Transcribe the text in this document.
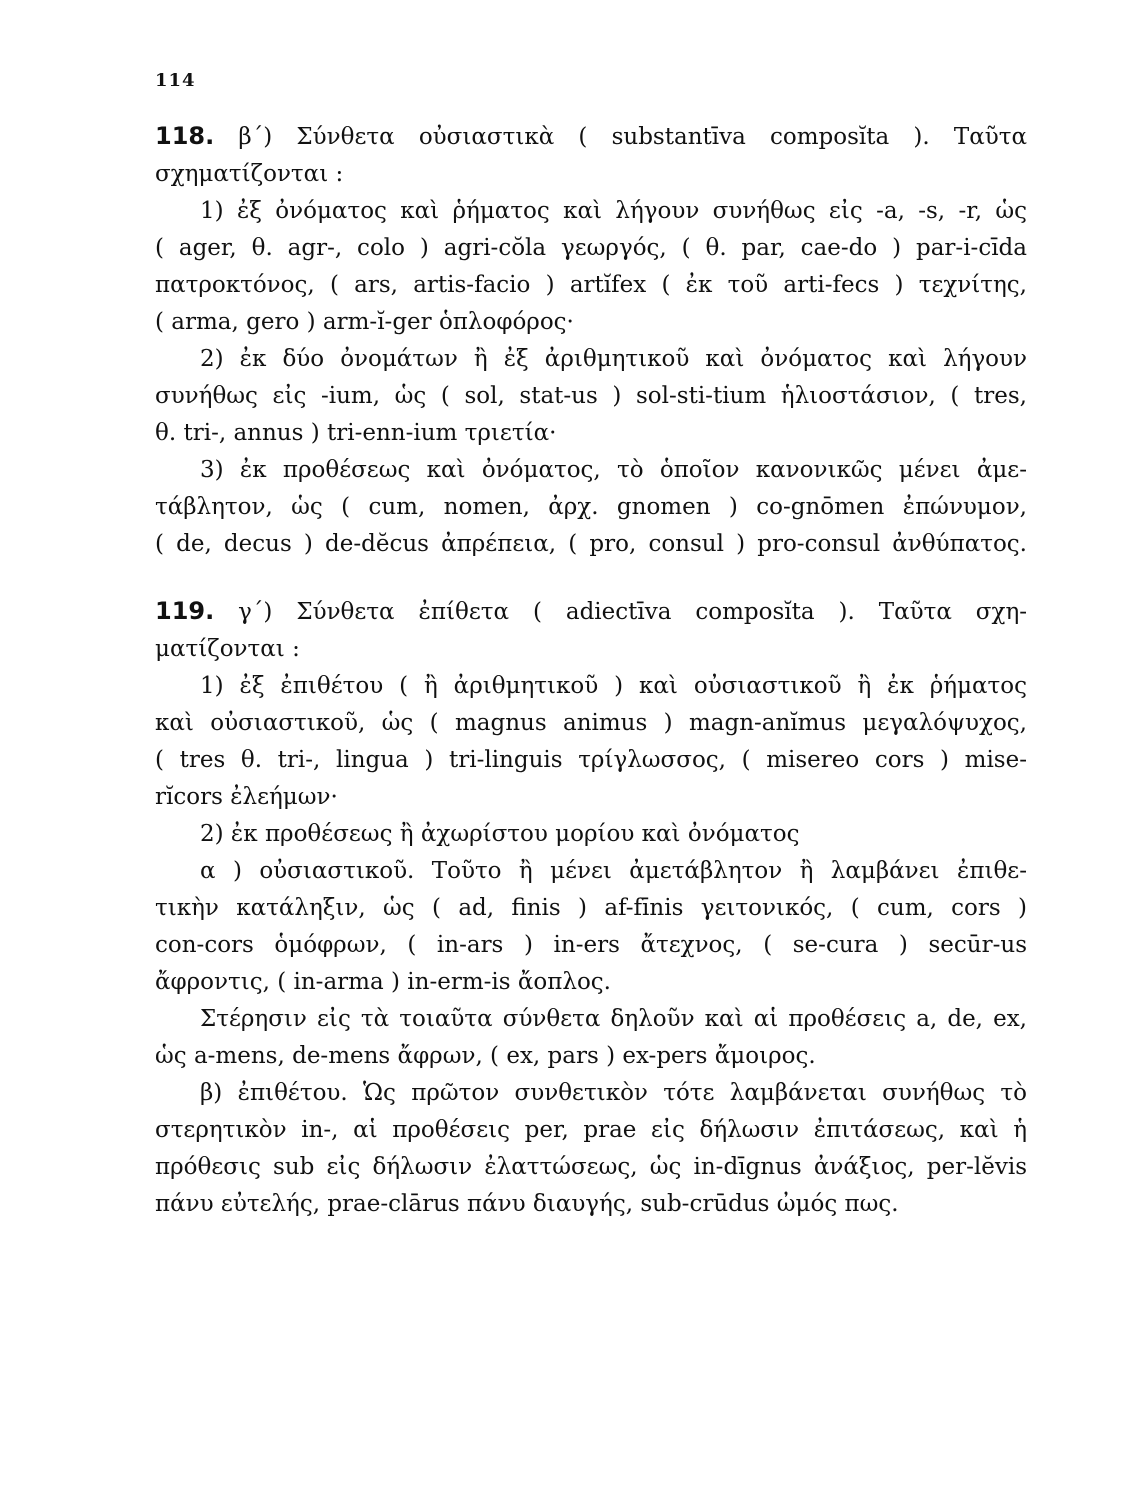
114
118. β΄) Σύνθετα οὐσιαστικὰ ( substantīva composĭta ). Ταῦτα
σχηματίζονται :
1) ἐξ ὀνόματος καὶ ῥήματος καὶ λήγουν συνήθως εἰς -a, -s, -r, ὡς
( ager, θ. agr-, colo ) agri-cŏla γεωργός, ( θ. par, cae-do ) par-i-cīda
πατροκτόνος, ( ars, artis-facio ) artĭfex ( ἐκ τοῦ arti-fecs ) τεχνίτης,
( arma, gero ) arm-ĭ-ger ὁπλοφόρος·
2) ἐκ δύο ὀνομάτων ἢ ἐξ ἀριθμητικοῦ καὶ ὀνόματος καὶ λήγουν
συνήθως εἰς -ium, ὡς ( sol, stat-us ) sol-sti-tium ἡλιοστάσιον, ( tres,
θ. tri-, annus ) tri-enn-ium τριετία·
3) ἐκ προθέσεως καὶ ὀνόματος, τὸ ὁποῖον κανονικῶς μένει ἀμε-
τάβλητον, ὡς ( cum, nomen, ἀρχ. gnomen ) co-gnōmen ἐπώνυμον,
( de, decus ) de-dĕcus ἀπρέπεια, ( pro, consul ) pro-consul ἀνθύπατος.
119. γ΄) Σύνθετα ἐπίθετα ( adiectīva composĭta ). Ταῦτα σχη-
ματίζονται :
1) ἐξ ἐπιθέτου ( ἢ ἀριθμητικοῦ ) καὶ οὐσιαστικοῦ ἢ ἐκ ῥήματος
καὶ οὐσιαστικοῦ, ὡς ( magnus animus ) magn-anĭmus μεγαλόψυχος,
( tres θ. tri-, lingua ) tri-linguis τρίγλωσσος, ( misereo cors ) mise-
rĭcors ἐλεήμων·
2) ἐκ προθέσεως ἢ ἀχωρίστου μορίου καὶ ὀνόματος
α ) οὐσιαστικοῦ. Τοῦτο ἢ μένει ἀμετάβλητον ἢ λαμβάνει ἐπιθε-
τικὴν κατάληξιν, ὡς ( ad, finis ) af-fīnis γειτονικός, ( cum, cors )
con-cors ὁμόφρων, ( in-ars ) in-ers ἄτεχνος, ( se-cura ) secūr-us
ἄφροντις, ( in-arma ) in-erm-is ἄοπλος.
Στέρησιν εἰς τὰ τοιαῦτα σύνθετα δηλοῦν καὶ αἱ προθέσεις a, de, ex,
ὡς a-mens, de-mens ἄφρων, ( ex, pars ) ex-pers ἄμοιρος.
β) ἐπιθέτου. Ὡς πρῶτον συνθετικὸν τότε λαμβάνεται συνήθως τὸ
στερητικὸν in-, αἱ προθέσεις per, prae εἰς δήλωσιν ἐπιτάσεως, καὶ ἡ
πρόθεσις sub εἰς δήλωσιν ἐλαττώσεως, ὡς in-dīgnus ἀνάξιος, per-lĕvis
πάνυ εὐτελής, prae-clārus πάνυ διαυγής, sub-crūdus ὠμός πως.
